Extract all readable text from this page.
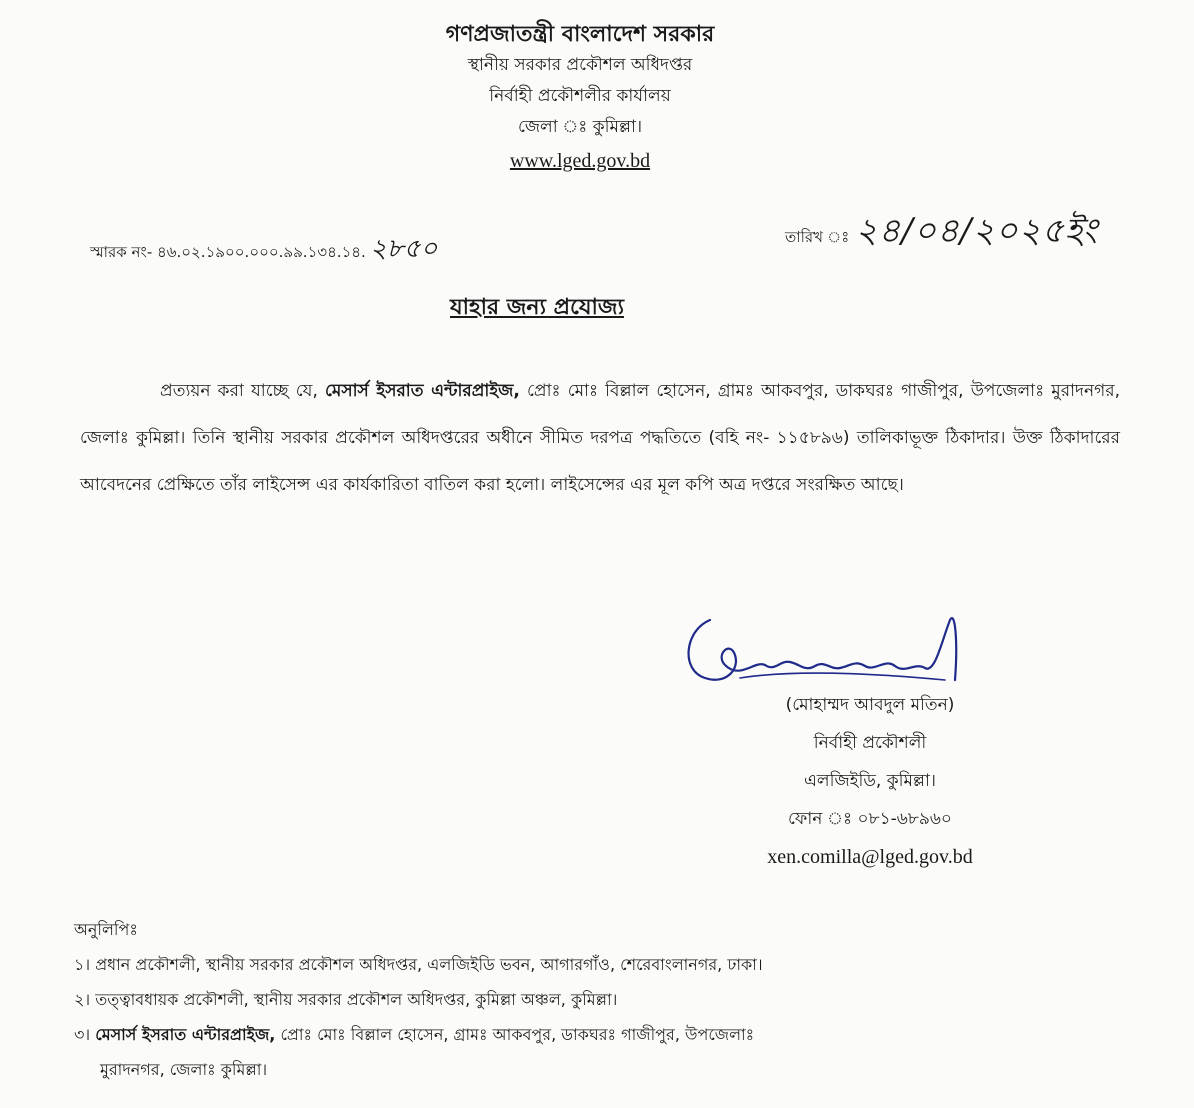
গণপ্রজাতন্ত্রী বাংলাদেশ সরকার
স্থানীয় সরকার প্রকৌশল অধিদপ্তর
নির্বাহী প্রকৌশলীর কার্যালয়
জেলা ঃ কুমিল্লা।
www.lged.gov.bd
স্মারক নং- ৪৬.০২.১৯০০.০০০.৯৯.১৩৪.১৪. ২৮৫০	তারিখ ঃ ২৪/০৪/২০২৫ইং
যাহার জন্য প্রযোজ্য
প্রত্যয়ন করা যাচ্ছে যে, মেসার্স ইসরাত এন্টারপ্রাইজ, প্রোঃ মোঃ বিল্লাল হোসেন, গ্রামঃ আকবপুর, ডাকঘরঃ গাজীপুর, উপজেলাঃ মুরাদনগর, জেলাঃ কুমিল্লা। তিনি স্থানীয় সরকার প্রকৌশল অধিদপ্তরের অধীনে সীমিত দরপত্র পদ্ধতিতে (বহি নং- ১১৫৮৯৬) তালিকাভূক্ত ঠিকাদার। উক্ত ঠিকাদারের আবেদনের প্রেক্ষিতে তাঁর লাইসেন্স এর কার্যকারিতা বাতিল করা হলো। লাইসেন্সের এর মূল কপি অত্র দপ্তরে সংরক্ষিত আছে।
(মোহাম্মদ আবদুল মতিন)
নির্বাহী প্রকৌশলী
এলজিইডি, কুমিল্লা।
ফোন ঃ ০৮১-৬৮৯৬০
xen.comilla@lged.gov.bd
অনুলিপিঃ
১। প্রধান প্রকৌশলী, স্থানীয় সরকার প্রকৌশল অধিদপ্তর, এলজিইডি ভবন, আগারগাঁও, শেরেবাংলানগর, ঢাকা।
২। তত্ত্বাবধায়ক প্রকৌশলী, স্থানীয় সরকার প্রকৌশল অধিদপ্তর, কুমিল্লা অঞ্চল, কুমিল্লা।
৩। মেসার্স ইসরাত এন্টারপ্রাইজ, প্রোঃ মোঃ বিল্লাল হোসেন, গ্রামঃ আকবপুর, ডাকঘরঃ গাজীপুর, উপজেলাঃ
মুরাদনগর, জেলাঃ কুমিল্লা।
